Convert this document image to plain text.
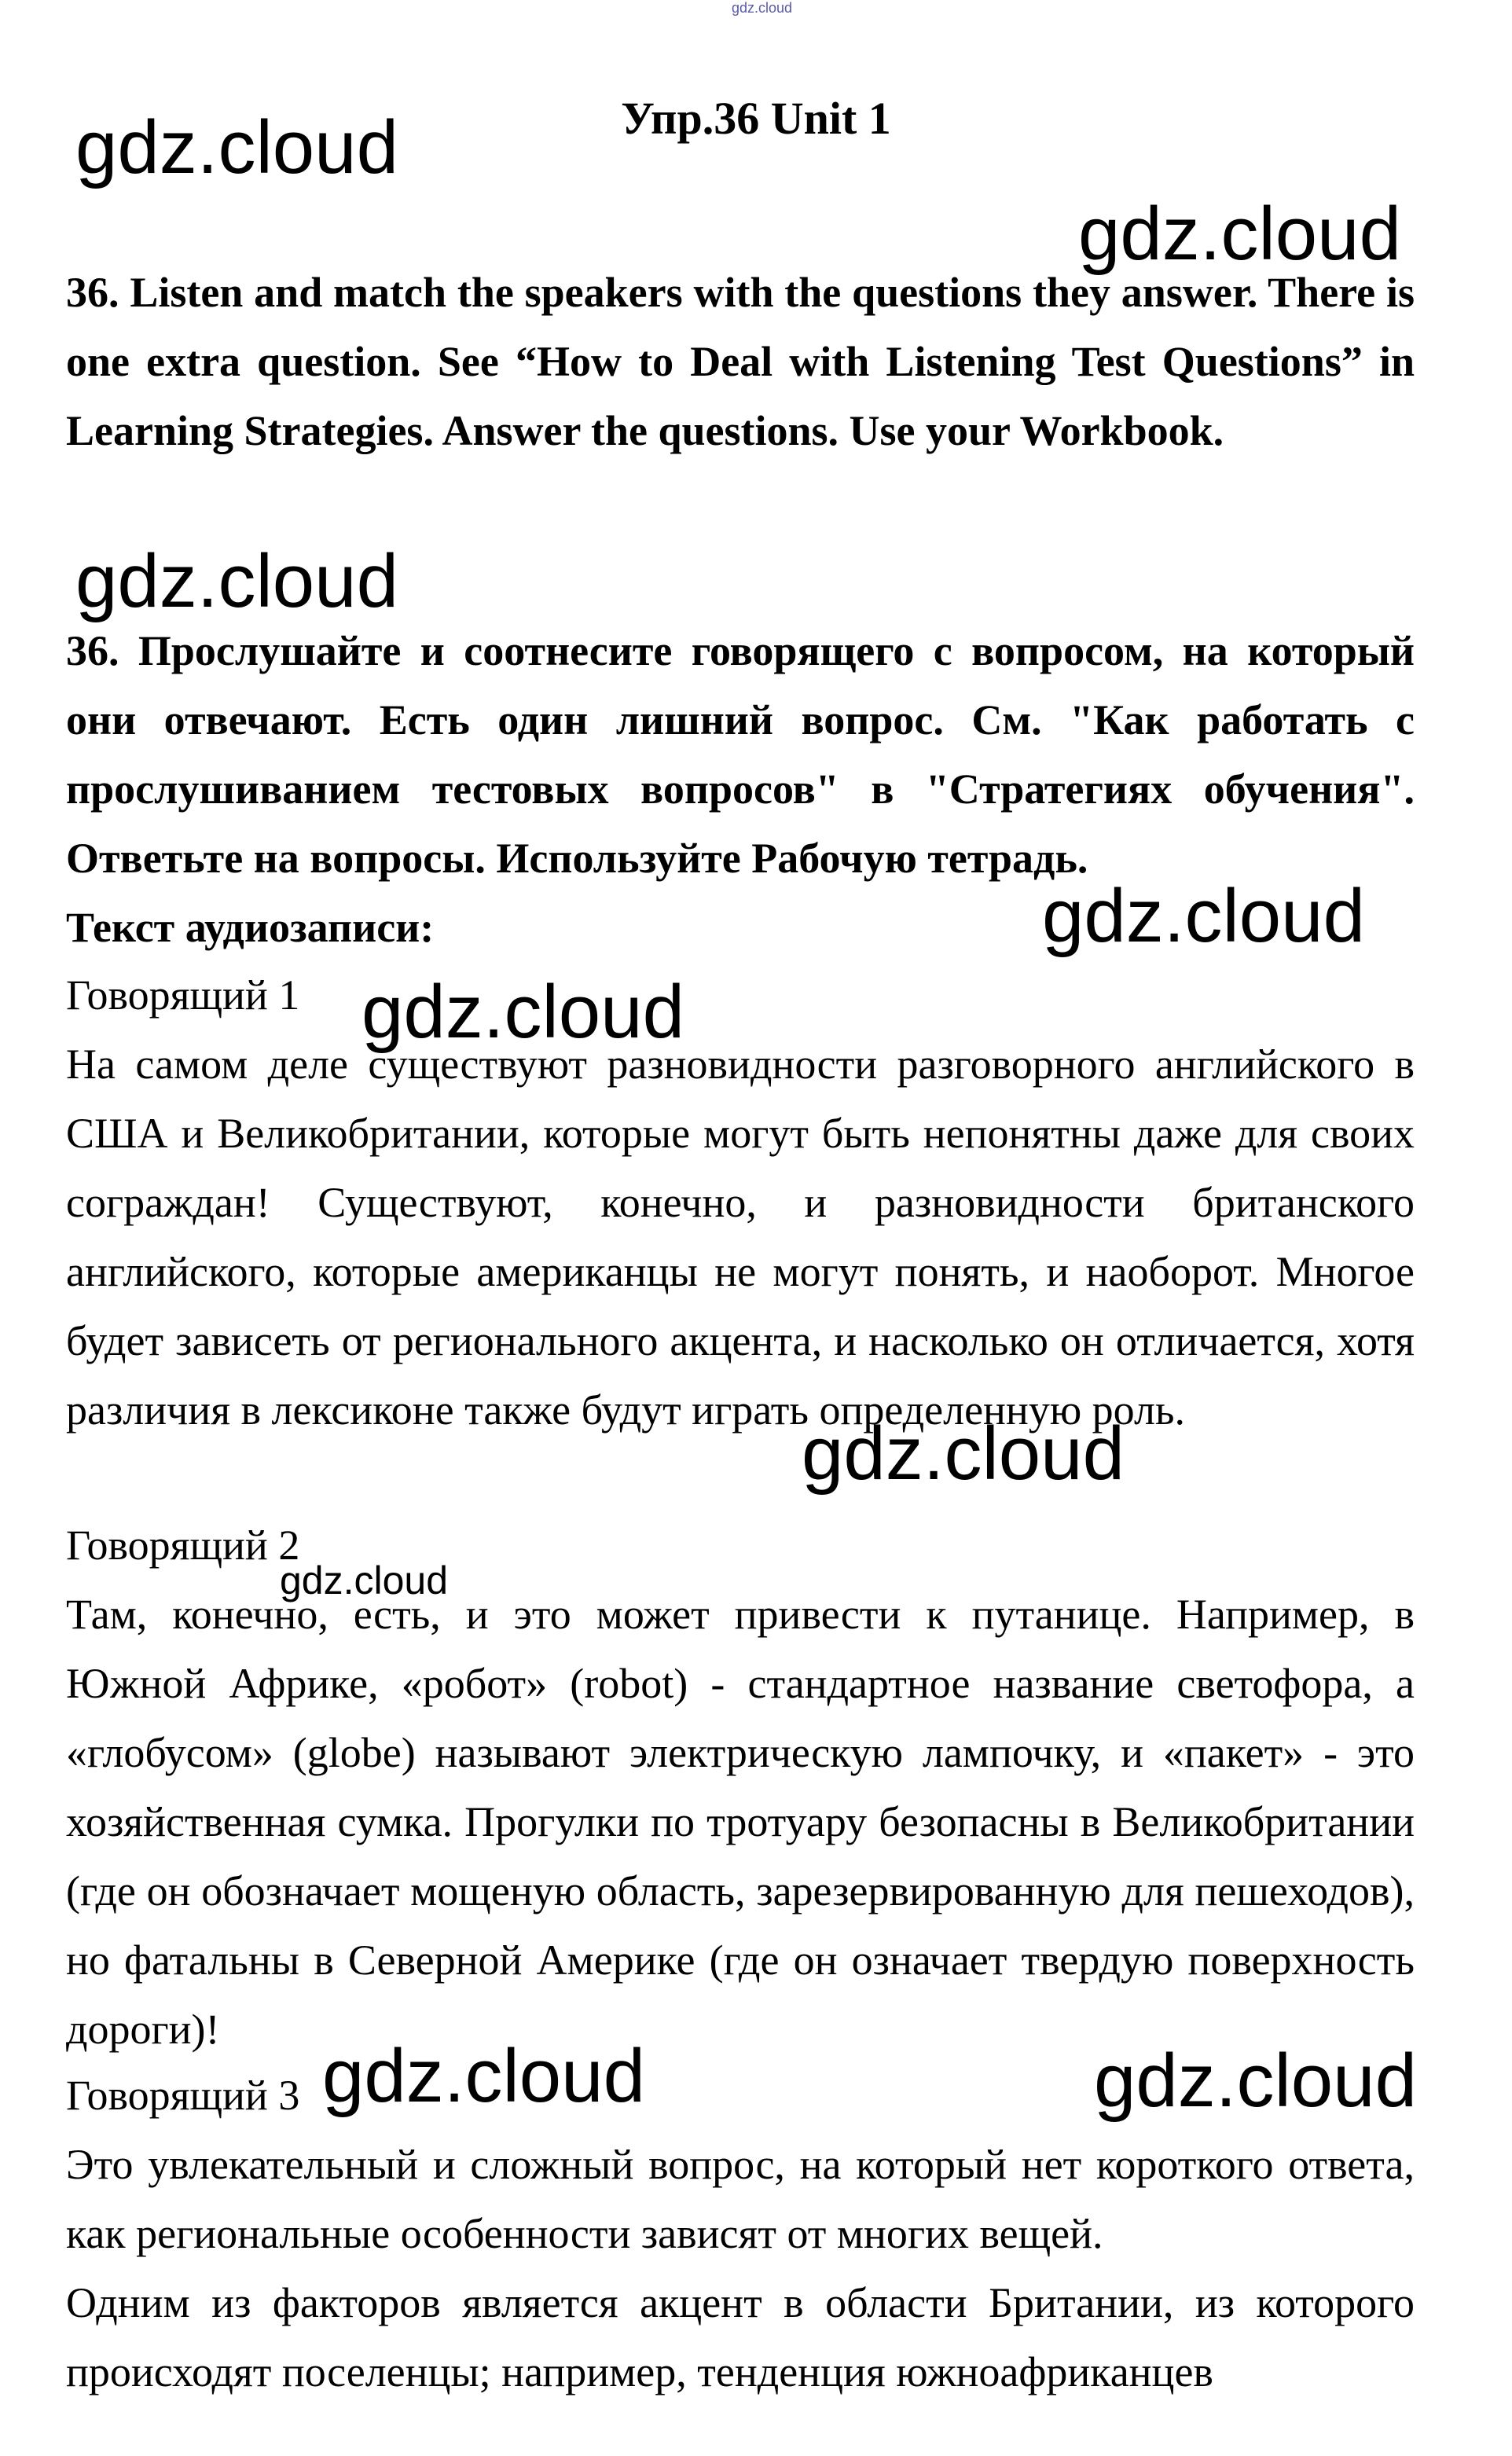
gdz.cloud
Упр.36 Unit 1

36. Listen and match the speakers with the questions they answer. There is one extra question. See “How to Deal with Listening Test Questions” in Learning Strategies. Answer the questions. Use your Workbook.

36. Прослушайте и соотнесите говорящего с вопросом, на который они отвечают. Есть один лишний вопрос. См. "Как работать с прослушиванием тестовых вопросов" в "Стратегиях обучения". Ответьте на вопросы. Используйте Рабочую тетрадь.

Текст аудиозаписи:

Говорящий 1

На самом деле существуют разновидности разговорного английского в США и Великобритании, которые могут быть непонятны даже для своих сограждан! Существуют, конечно, и разновидности британского английского, которые американцы не могут понять, и наоборот. Многое будет зависеть от регионального акцента, и насколько он отличается, хотя различия в лексиконе также будут играть определенную роль.

Говорящий 2

Там, конечно, есть, и это может привести к путанице. Например, в Южной Африке, «робот» (robot) - стандартное название светофора, а «глобусом» (globe) называют электрическую лампочку, и «пакет» - это хозяйственная сумка. Прогулки по тротуару безопасны в Великобритании (где он обозначает мощеную область, зарезервированную для пешеходов), но фатальны в Северной Америке (где он означает твердую поверхность дороги)!

Говорящий 3

Это увлекательный и сложный вопрос, на который нет короткого ответа, как региональные особенности зависят от многих вещей.

Одним из факторов является акцент в области Британии, из которого происходят поселенцы; например, тенденция южноафриканцев

gdz.cloud
gdz.cloud
gdz.cloud
gdz.cloud
gdz.cloud
gdz.cloud
gdz.cloud
gdz.cloud	gdz.cloud
